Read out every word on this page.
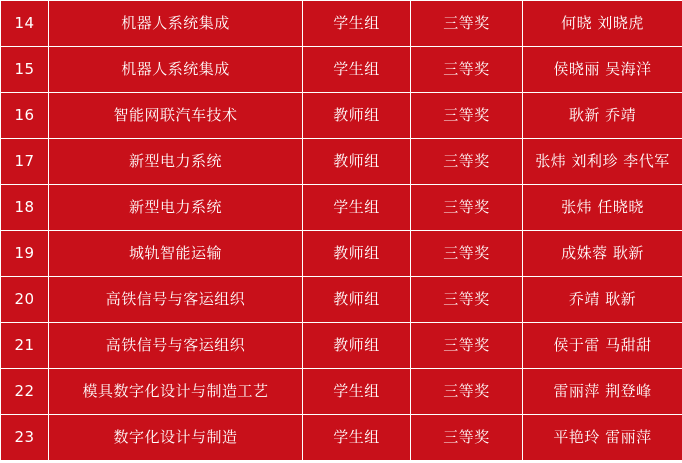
14	机器人系统集成	学生组	三等奖	何晓 刘晓虎
15	机器人系统集成	学生组	三等奖	侯晓丽 吴海洋
16	智能网联汽车技术	教师组	三等奖	耿新 乔靖
17	新型电力系统	教师组	三等奖	张炜 刘利珍 李代军
18	新型电力系统	学生组	三等奖	张炜 任晓晓
19	城轨智能运输	教师组	三等奖	成姝蓉 耿新
20	高铁信号与客运组织	教师组	三等奖	乔靖 耿新
21	高铁信号与客运组织	教师组	三等奖	侯于雷 马甜甜
22	模具数字化设计与制造工艺	学生组	三等奖	雷丽萍 荆登峰
23	数字化设计与制造	学生组	三等奖	平艳玲 雷丽萍
